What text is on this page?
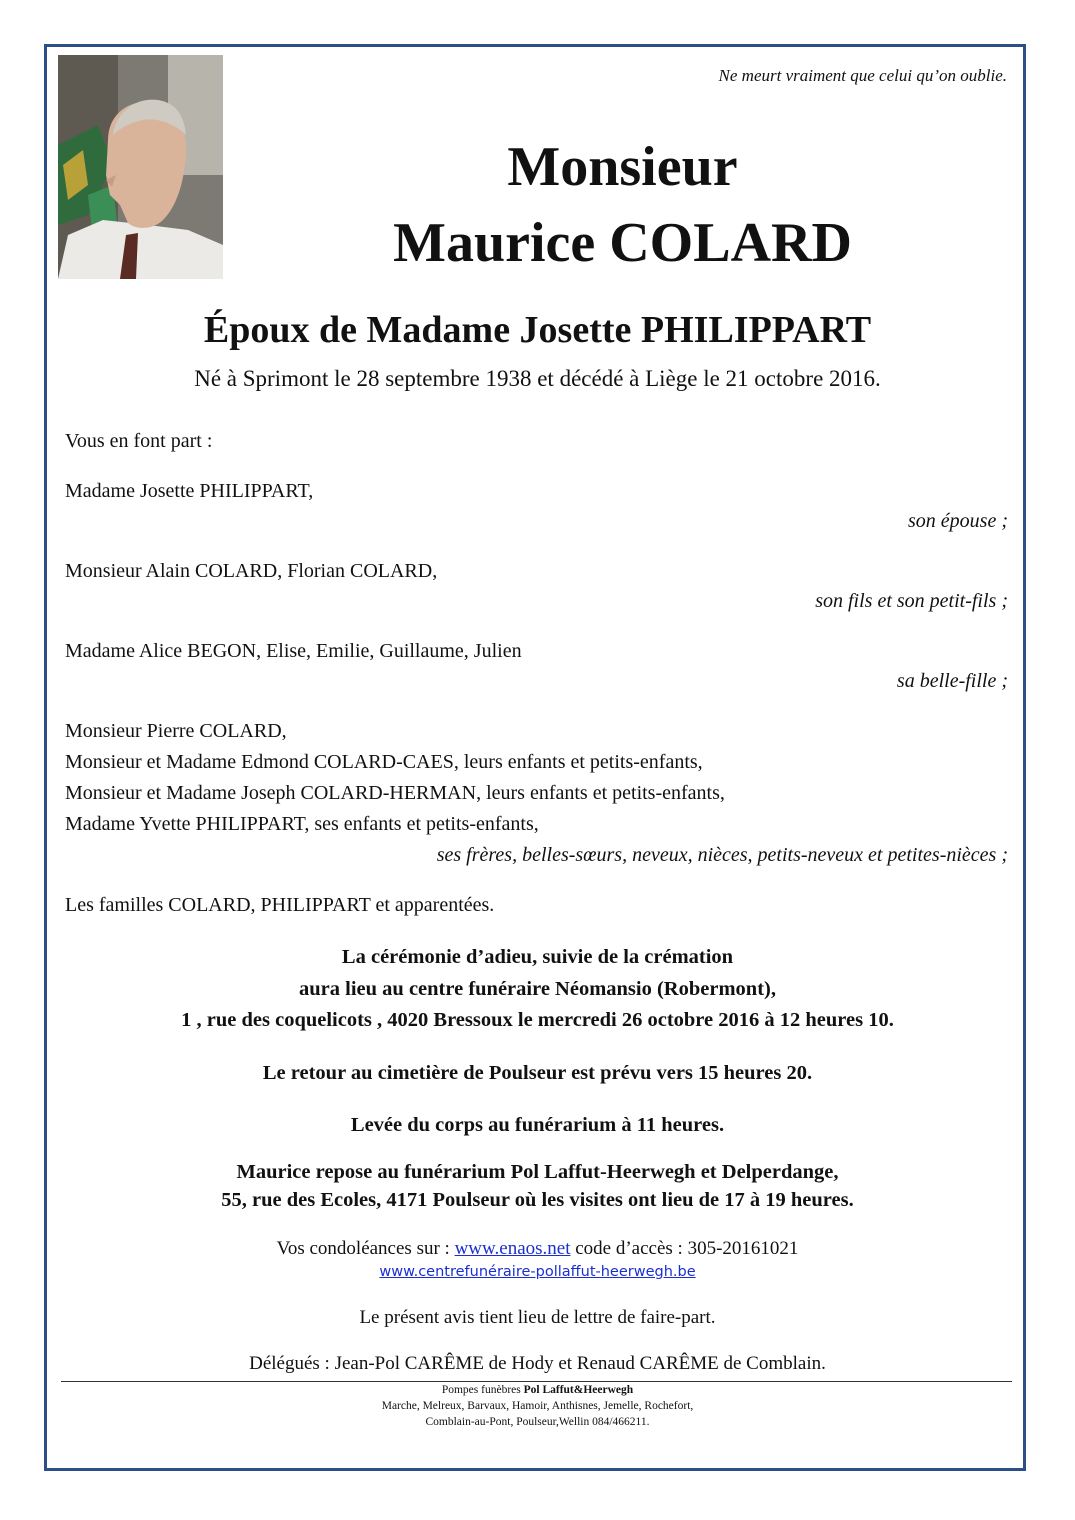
Ne meurt vraiment que celui qu’on oublie.
Monsieur
Maurice COLARD
Époux de Madame Josette PHILIPPART
Né à Sprimont le 28 septembre 1938 et décédé à Liège le 21 octobre 2016.
Vous en font part :
Madame Josette PHILIPPART,
son épouse ;
Monsieur Alain COLARD, Florian COLARD,
son fils et son petit-fils ;
Madame Alice BEGON, Elise, Emilie, Guillaume, Julien
sa belle-fille ;
Monsieur Pierre COLARD,
Monsieur et Madame Edmond COLARD-CAES, leurs enfants et petits-enfants,
Monsieur et Madame Joseph COLARD-HERMAN, leurs enfants et petits-enfants,
Madame Yvette PHILIPPART, ses enfants et petits-enfants,
ses frères, belles-sœurs, neveux, nièces, petits-neveux et petites-nièces ;
Les familles COLARD, PHILIPPART et apparentées.
La cérémonie d’adieu, suivie de la crémation
aura lieu au centre funéraire Néomansio (Robermont),
1 , rue des coquelicots , 4020 Bressoux le mercredi 26 octobre 2016 à 12 heures 10.
Le retour au cimetière de Poulseur est prévu vers 15 heures 20.
Levée du corps au funérarium à 11 heures.
Maurice repose au funérarium Pol Laffut-Heerwegh et Delperdange,
55, rue des Ecoles, 4171 Poulseur où les visites ont lieu de 17 à 19 heures.
Vos condoléances sur : www.enaos.net code d’accès : 305-20161021
www.centrefunéraire-pollaffut-heerwegh.be
Le présent avis tient lieu de lettre de faire-part.
Délégués : Jean-Pol CARÊME de Hody et Renaud CARÊME de Comblain.
Pompes funèbres Pol Laffut&Heerwegh
Marche, Melreux, Barvaux, Hamoir, Anthisnes, Jemelle, Rochefort,
Comblain-au-Pont, Poulseur,Wellin 084/466211.
